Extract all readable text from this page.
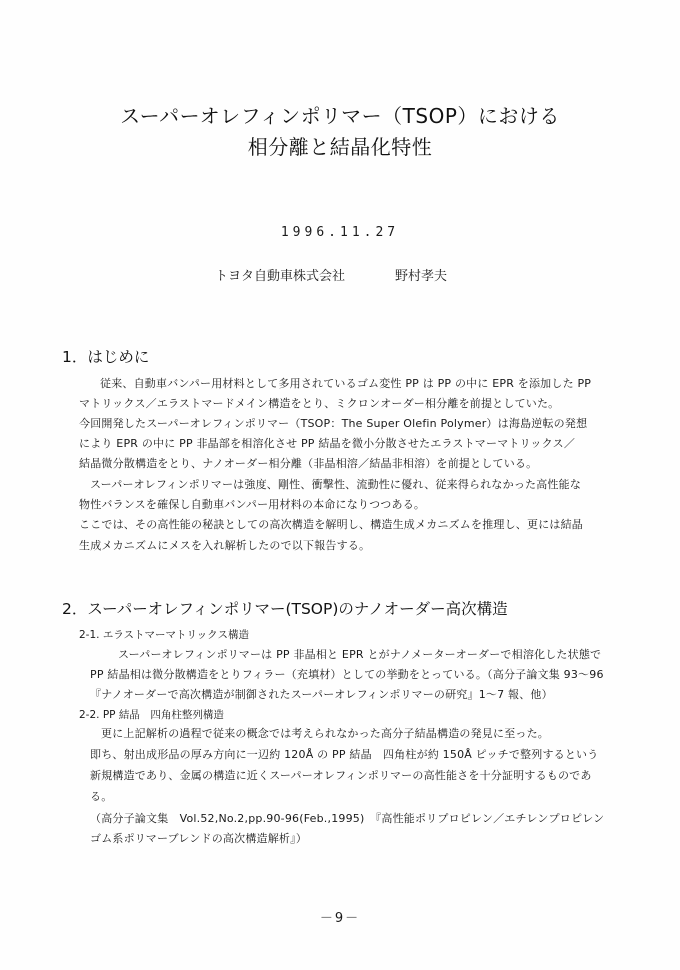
スーパーオレフィンポリマー（TSOP）における
相分離と結晶化特性
1996.11.27
トヨタ自動車株式会社	野村孝夫
1．はじめに
従来、自動車バンパー用材料として多用されているゴム変性 PP は PP の中に EPR を添加した PP
マトリックス／エラストマードメイン構造をとり、ミクロンオーダー相分離を前提としていた。
今回開発したスーパーオレフィンポリマー（TSOP：The Super Olefin Polymer）は海島逆転の発想
により EPR の中に PP 非晶部を相溶化させ PP 結晶を微小分散させたエラストマーマトリックス／
結晶微分散構造をとり、ナノオーダー相分離（非晶相溶／結晶非相溶）を前提としている。
スーパーオレフィンポリマーは強度、剛性、衝撃性、流動性に優れ、従来得られなかった高性能な
物性バランスを確保し自動車バンパー用材料の本命になりつつある。
ここでは、その高性能の秘訣としての高次構造を解明し、構造生成メカニズムを推理し、更には結晶
生成メカニズムにメスを入れ解析したので以下報告する。
2．スーパーオレフィンポリマー(TSOP)のナノオーダー高次構造
2-1. エラストマーマトリックス構造
スーパーオレフィンポリマーは PP 非晶相と EPR とがナノメーターオーダーで相溶化した状態で
PP 結晶相は微分散構造をとりフィラー（充填材）としての挙動をとっている。（高分子論文集 93～96
『ナノオーダーで高次構造が制御されたスーパーオレフィンポリマーの研究』1～7 報、他）
2-2. PP 結晶　四角柱整列構造
更に上記解析の過程で従来の概念では考えられなかった高分子結晶構造の発見に至った。
即ち、射出成形品の厚み方向に一辺約 120Å の PP 結晶　四角柱が約 150Å ピッチで整列するという
新規構造であり、金属の構造に近くスーパーオレフィンポリマーの高性能さを十分証明するものであ
る。
（高分子論文集　Vol.52,No.2,pp.90-96(Feb.,1995)　『高性能ポリプロピレン／エチレンプロピレン
ゴム系ポリマーブレンドの高次構造解析』）
－9－
